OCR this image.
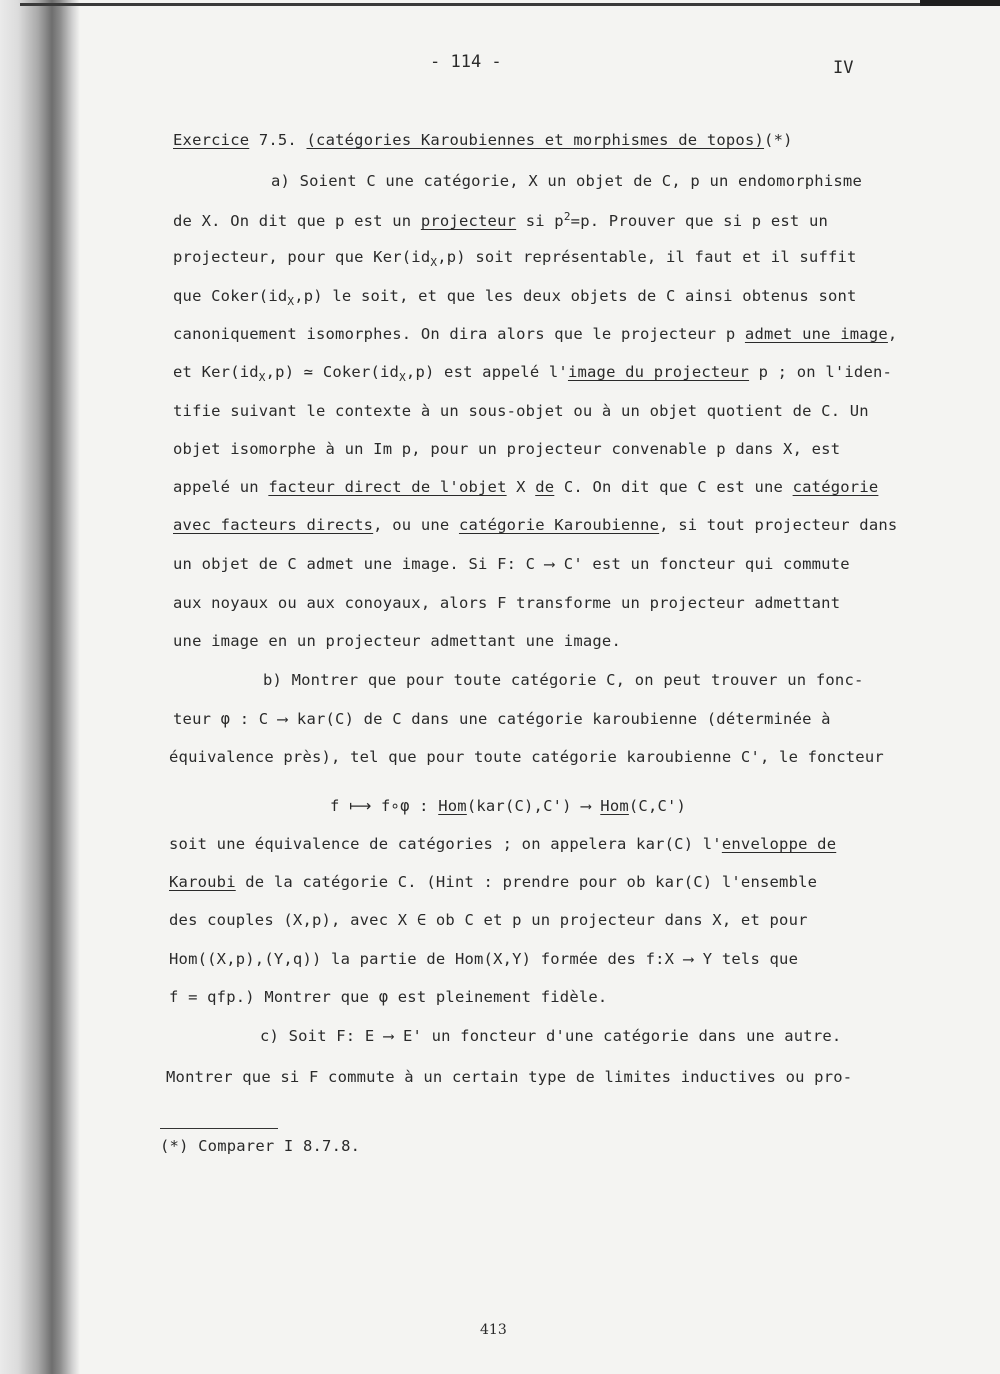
- 114 -	IV
Exercice 7.5. (catégories Karoubiennes et morphismes de topos)(*)
a) Soient C une catégorie, X un objet de C, p un endomorphisme
de X. On dit que p est un projecteur si $p^2=p$. Prouver que si p est un
projecteur, pour que $Ker(id_X,p)$ soit représentable, il faut et il suffit
que $Coker(id_X,p)$ le soit, et que les deux objets de C ainsi obtenus sont
canoniquement isomorphes. On dira alors que le projecteur p admet une image,
et $Ker(id_X,p)$ ≃ $Coker(id_X,p)$ est appelé l'image du projecteur p ; on l'iden-
tifie suivant le contexte à un sous-objet ou à un objet quotient de C. Un
objet isomorphe à un Im p, pour un projecteur convenable p dans X, est
appelé un facteur direct de l'objet X de C. On dit que C est une catégorie
avec facteurs directs, ou une catégorie Karoubienne, si tout projecteur dans
un objet de C admet une image. Si F: C ⟶ C' est un foncteur qui commute
aux noyaux ou aux conoyaux, alors F transforme un projecteur admettant
une image en un projecteur admettant une image.
b) Montrer que pour toute catégorie C, on peut trouver un fonc-
teur φ : C ⟶ kar(C) de C dans une catégorie karoubienne (déterminée à
équivalence près), tel que pour toute catégorie karoubienne C', le foncteur
f ⟼ f∘φ : Hom(kar(C),C') ⟶ Hom(C,C')
soit une équivalence de catégories ; on appelera kar(C) l'enveloppe de
Karoubi de la catégorie C. (Hint : prendre pour ob kar(C) l'ensemble
des couples (X,p), avec X ∈ ob C et p un projecteur dans X, et pour
Hom((X,p),(Y,q)) la partie de Hom(X,Y) formée des f:X ⟶ Y tels que
f = qfp.) Montrer que φ est pleinement fidèle.
c) Soit F: E ⟶ E' un foncteur d'une catégorie dans une autre.
Montrer que si F commute à un certain type de limites inductives ou pro-
(*) Comparer I 8.7.8.
413
